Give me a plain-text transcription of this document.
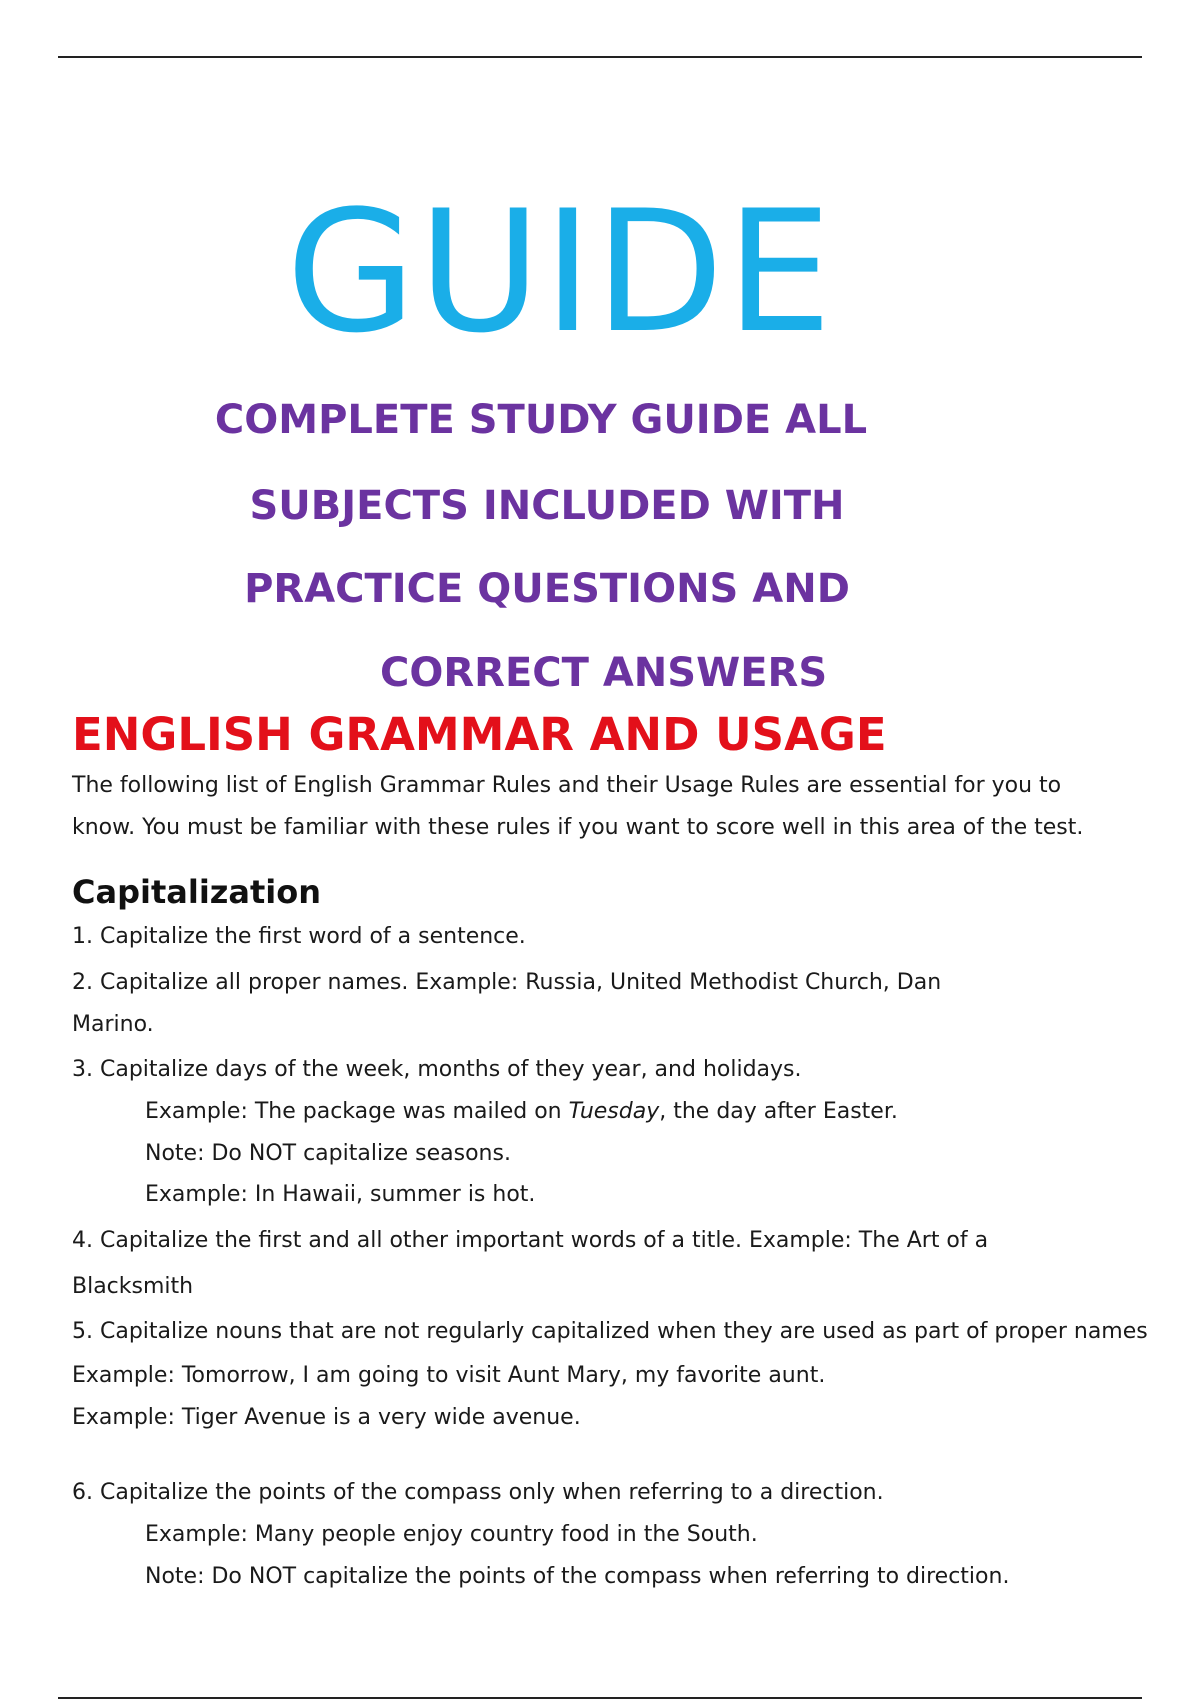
GUIDE
COMPLETE STUDY GUIDE ALL
SUBJECTS INCLUDED WITH
PRACTICE QUESTIONS AND
CORRECT ANSWERS
ENGLISH GRAMMAR AND USAGE
The following list of English Grammar Rules and their Usage Rules are essential for you to
know. You must be familiar with these rules if you want to score well in this area of the test.
Capitalization

1. Capitalize the first word of a sentence.

2. Capitalize all proper names. Example: Russia, United Methodist Church, Dan

Marino.

3. Capitalize days of the week, months of they year, and holidays.

Example: The package was mailed on Tuesday, the day after Easter.

Note: Do NOT capitalize seasons.

Example: In Hawaii, summer is hot.

4. Capitalize the first and all other important words of a title. Example: The Art of a

Blacksmith

5. Capitalize nouns that are not regularly capitalized when they are used as part of proper names

Example: Tomorrow, I am going to visit Aunt Mary, my favorite aunt.

Example: Tiger Avenue is a very wide avenue.

6. Capitalize the points of the compass only when referring to a direction.

Example: Many people enjoy country food in the South.

Note: Do NOT capitalize the points of the compass when referring to direction.
